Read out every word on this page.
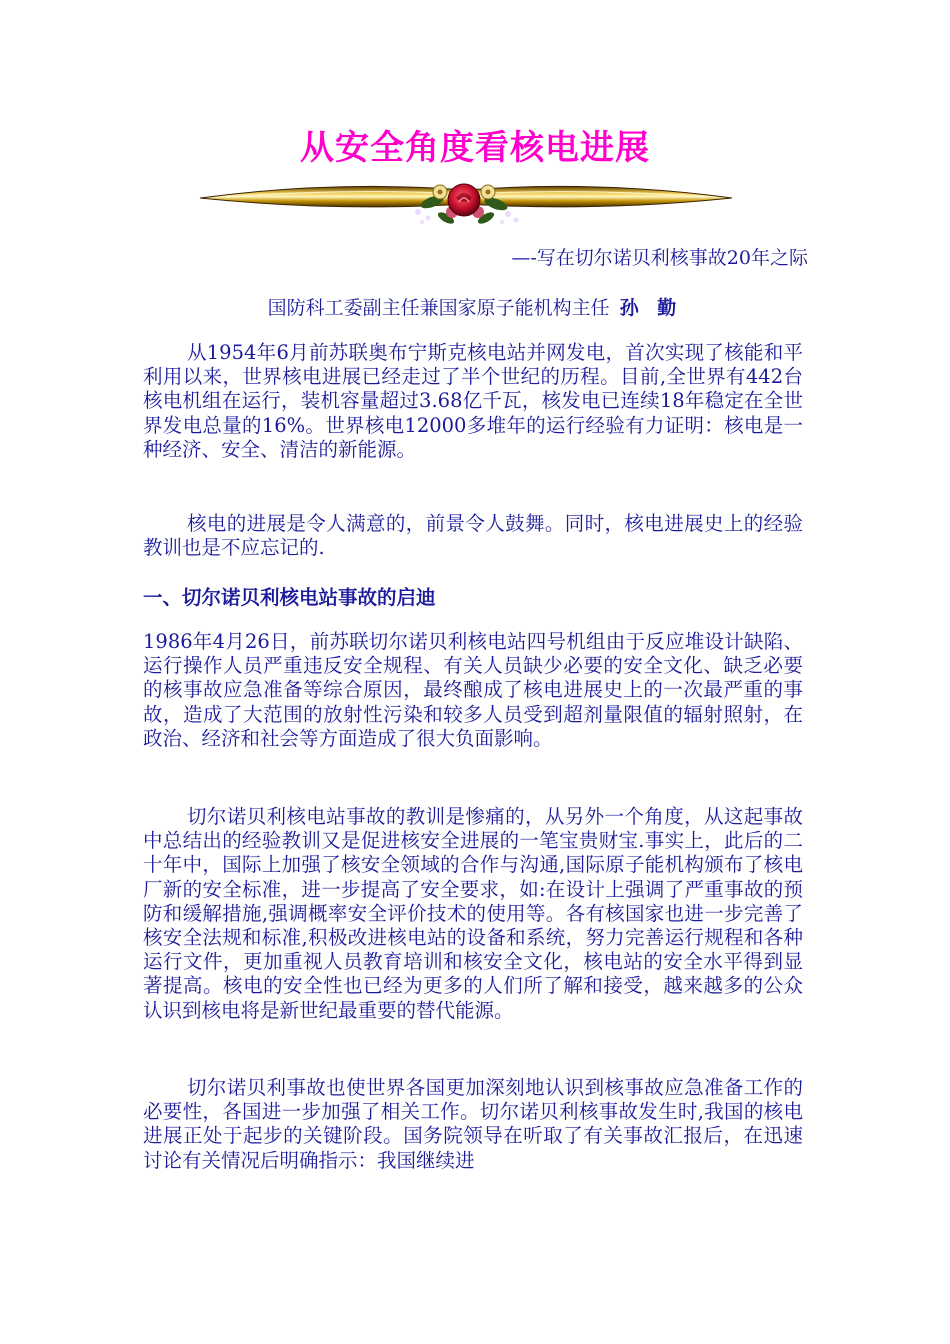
从安全角度看核电进展
—-写在切尔诺贝利核事故20年之际
国防科工委副主任兼国家原子能机构主任 孙 勤

从1954年6月前苏联奥布宁斯克核电站并网发电，首次实现了核能和平利用以来，世界核电进展已经走过了半个世纪的历程。目前,全世界有442台核电机组在运行，装机容量超过3.68亿千瓦，核发电已连续18年稳定在全世界发电总量的16%。世界核电12000多堆年的运行经验有力证明：核电是一种经济、安全、清洁的新能源。

核电的进展是令人满意的，前景令人鼓舞。同时，核电进展史上的经验教训也是不应忘记的.

一、切尔诺贝利核电站事故的启迪

1986年4月26日，前苏联切尔诺贝利核电站四号机组由于反应堆设计缺陷、运行操作人员严重违反安全规程、有关人员缺少必要的安全文化、缺乏必要的核事故应急准备等综合原因，最终酿成了核电进展史上的一次最严重的事故，造成了大范围的放射性污染和较多人员受到超剂量限值的辐射照射，在政治、经济和社会等方面造成了很大负面影响。

切尔诺贝利核电站事故的教训是惨痛的，从另外一个角度，从这起事故中总结出的经验教训又是促进核安全进展的一笔宝贵财宝.事实上，此后的二十年中，国际上加强了核安全领域的合作与沟通,国际原子能机构颁布了核电厂新的安全标准，进一步提高了安全要求，如:在设计上强调了严重事故的预防和缓解措施,强调概率安全评价技术的使用等。各有核国家也进一步完善了核安全法规和标准,积极改进核电站的设备和系统，努力完善运行规程和各种运行文件，更加重视人员教育培训和核安全文化，核电站的安全水平得到显著提高。核电的安全性也已经为更多的人们所了解和接受，越来越多的公众认识到核电将是新世纪最重要的替代能源。

切尔诺贝利事故也使世界各国更加深刻地认识到核事故应急准备工作的必要性，各国进一步加强了相关工作。切尔诺贝利核事故发生时,我国的核电进展正处于起步的关键阶段。国务院领导在听取了有关事故汇报后，在迅速讨论有关情况后明确指示：我国继续进
